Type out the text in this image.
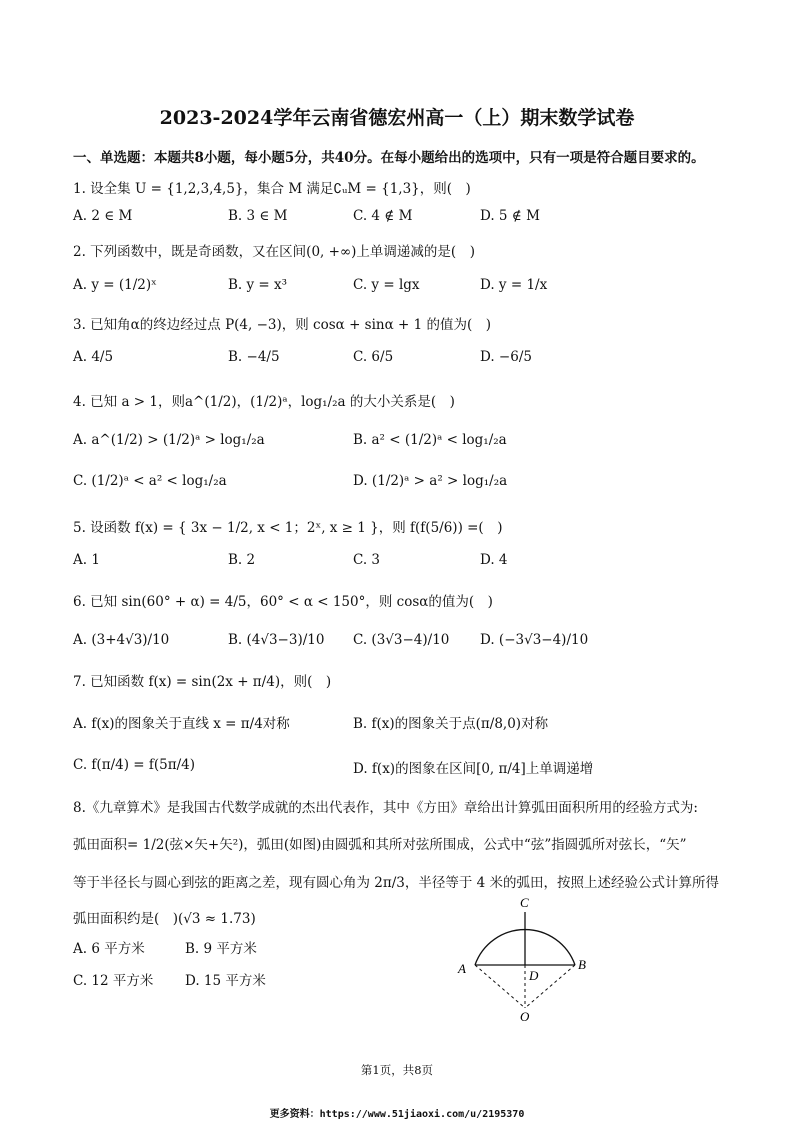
2023-2024学年云南省德宏州高一（上）期末数学试卷
一、单选题：本题共8小题，每小题5分，共40分。在每小题给出的选项中，只有一项是符合题目要求的。
1. 设全集 U = {1,2,3,4,5}，集合 M 满足∁ᵤM = {1,3}，则(　)
A. 2 ∈ M	B. 3 ∈ M	C. 4 ∉ M	D. 5 ∉ M
2. 下列函数中，既是奇函数，又在区间(0, +∞)上单调递减的是(　)
A. y = (1/2)ˣ	B. y = x³	C. y = lgx	D. y = 1/x
3. 已知角α的终边经过点 P(4, −3)，则 cosα + sinα + 1 的值为(　)
A. 4/5	B. −4/5	C. 6/5	D. −6/5
4. 已知 a > 1，则a^(1/2)，(1/2)ᵃ，log₁/₂a 的大小关系是(　)
A. a^(1/2) > (1/2)ᵃ > log₁/₂a	B. a² < (1/2)ᵃ < log₁/₂a
C. (1/2)ᵃ < a² < log₁/₂a	D. (1/2)ᵃ > a² > log₁/₂a
5. 设函数 f(x) = { 3x − 1/2, x < 1；2ˣ, x ≥ 1 }，则 f(f(5/6)) =(　)
A. 1	B. 2	C. 3	D. 4
6. 已知 sin(60° + α) = 4/5，60° < α < 150°，则 cosα的值为(　)
A. (3+4√3)/10	B. (4√3−3)/10 C. (3√3−4)/10 D. (−3√3−4)/10
7. 已知函数 f(x) = sin(2x + π/4)，则(　)
A. f(x)的图象关于直线 x = π/4对称	B. f(x)的图象关于点(π/8,0)对称
C. f(π/4) = f(5π/4)	D. f(x)的图象在区间[0, π/4]上单调递增
8.《九章算术》是我国古代数学成就的杰出代表作，其中《方田》章给出计算弧田面积所用的经验方式为:
弧田面积= 1/2(弦×矢+矢²)，弧田(如图)由圆弧和其所对弦所围成，公式中“弦”指圆弧所对弦长，“矢”
等于半径长与圆心到弦的距离之差，现有圆心角为 2π/3，半径等于 4 米的弧田，按照上述经验公式计算所得
弧田面积约是(　)(√3 ≈ 1.73)
A. 6 平方米	B. 9 平方米
C. 12 平方米 D. 15 平方米
A	B
C
D
O
第1页，共8页
更多资料：https://www.51jiaoxi.com/u/2195370
